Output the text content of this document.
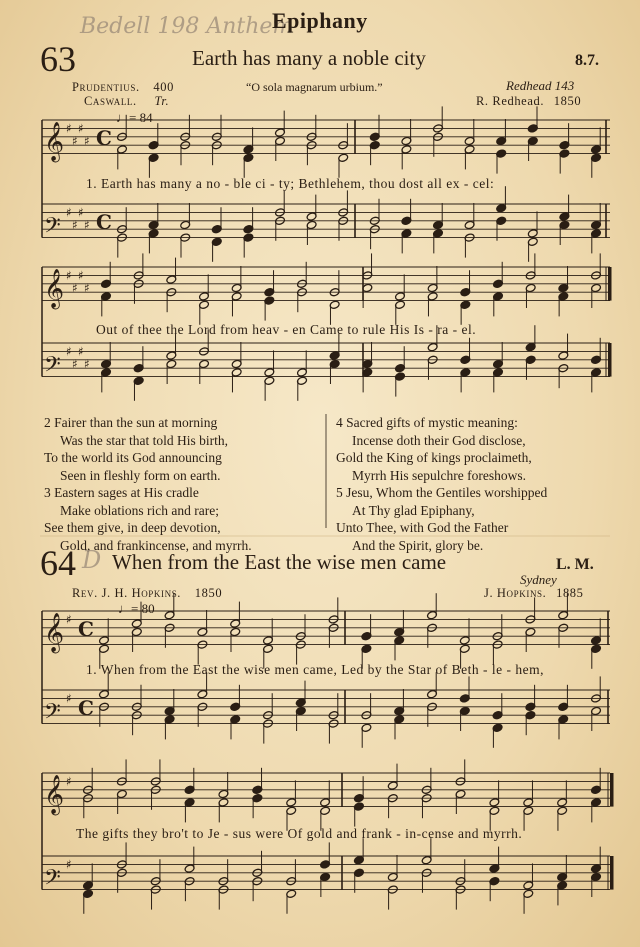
𝄞 ♯
♯
♯
♯ C
𝄢
♯
♯
♯
♯ C
𝄞 ♯
♯
♯
♯
𝄢
♯
♯
♯
♯
𝄞 ♯ C
𝄢
♯ C
𝄞 ♯
𝄢
♯
Bedell 198 Anthem
Epiphany
63	Earth has many a noble city	8.7.
Prudentius. 400	“O sola magnarum urbium.”	Redhead 143
Caswall. Tr.	R. Redhead. 1850
♩= 84
1. Earth has many a no - ble ci - ty; Bethlehem, thou dost all ex - cel:
Out of thee the Lord from heav - en Came to rule His Is - ra - el.
2 Fairer than the sun at morning
Was the star that told His birth,
To the world its God announcing
Seen in fleshly form on earth.
3 Eastern sages at His cradle
Make oblations rich and rare;
See them give, in deep devotion,
Gold, and frankincense, and myrrh.
4 Sacred gifts of mystic meaning:
Incense doth their God disclose,
Gold the King of kings proclaimeth,
Myrrh His sepulchre foreshows.
5 Jesu, Whom the Gentiles worshipped
At Thy glad Epiphany,
Unto Thee, with God the Father
And the Spirit, glory be.
64 D When from the East the wise men came	L. M.
Sydney
Rev. J. H. Hopkins. 1850	J. Hopkins. 1885
♩= 80
1. When from the East the wise men came, Led by the Star of Beth - le - hem,
The gifts they bro't to Je - sus were Of gold and frank - in-cense and myrrh.
